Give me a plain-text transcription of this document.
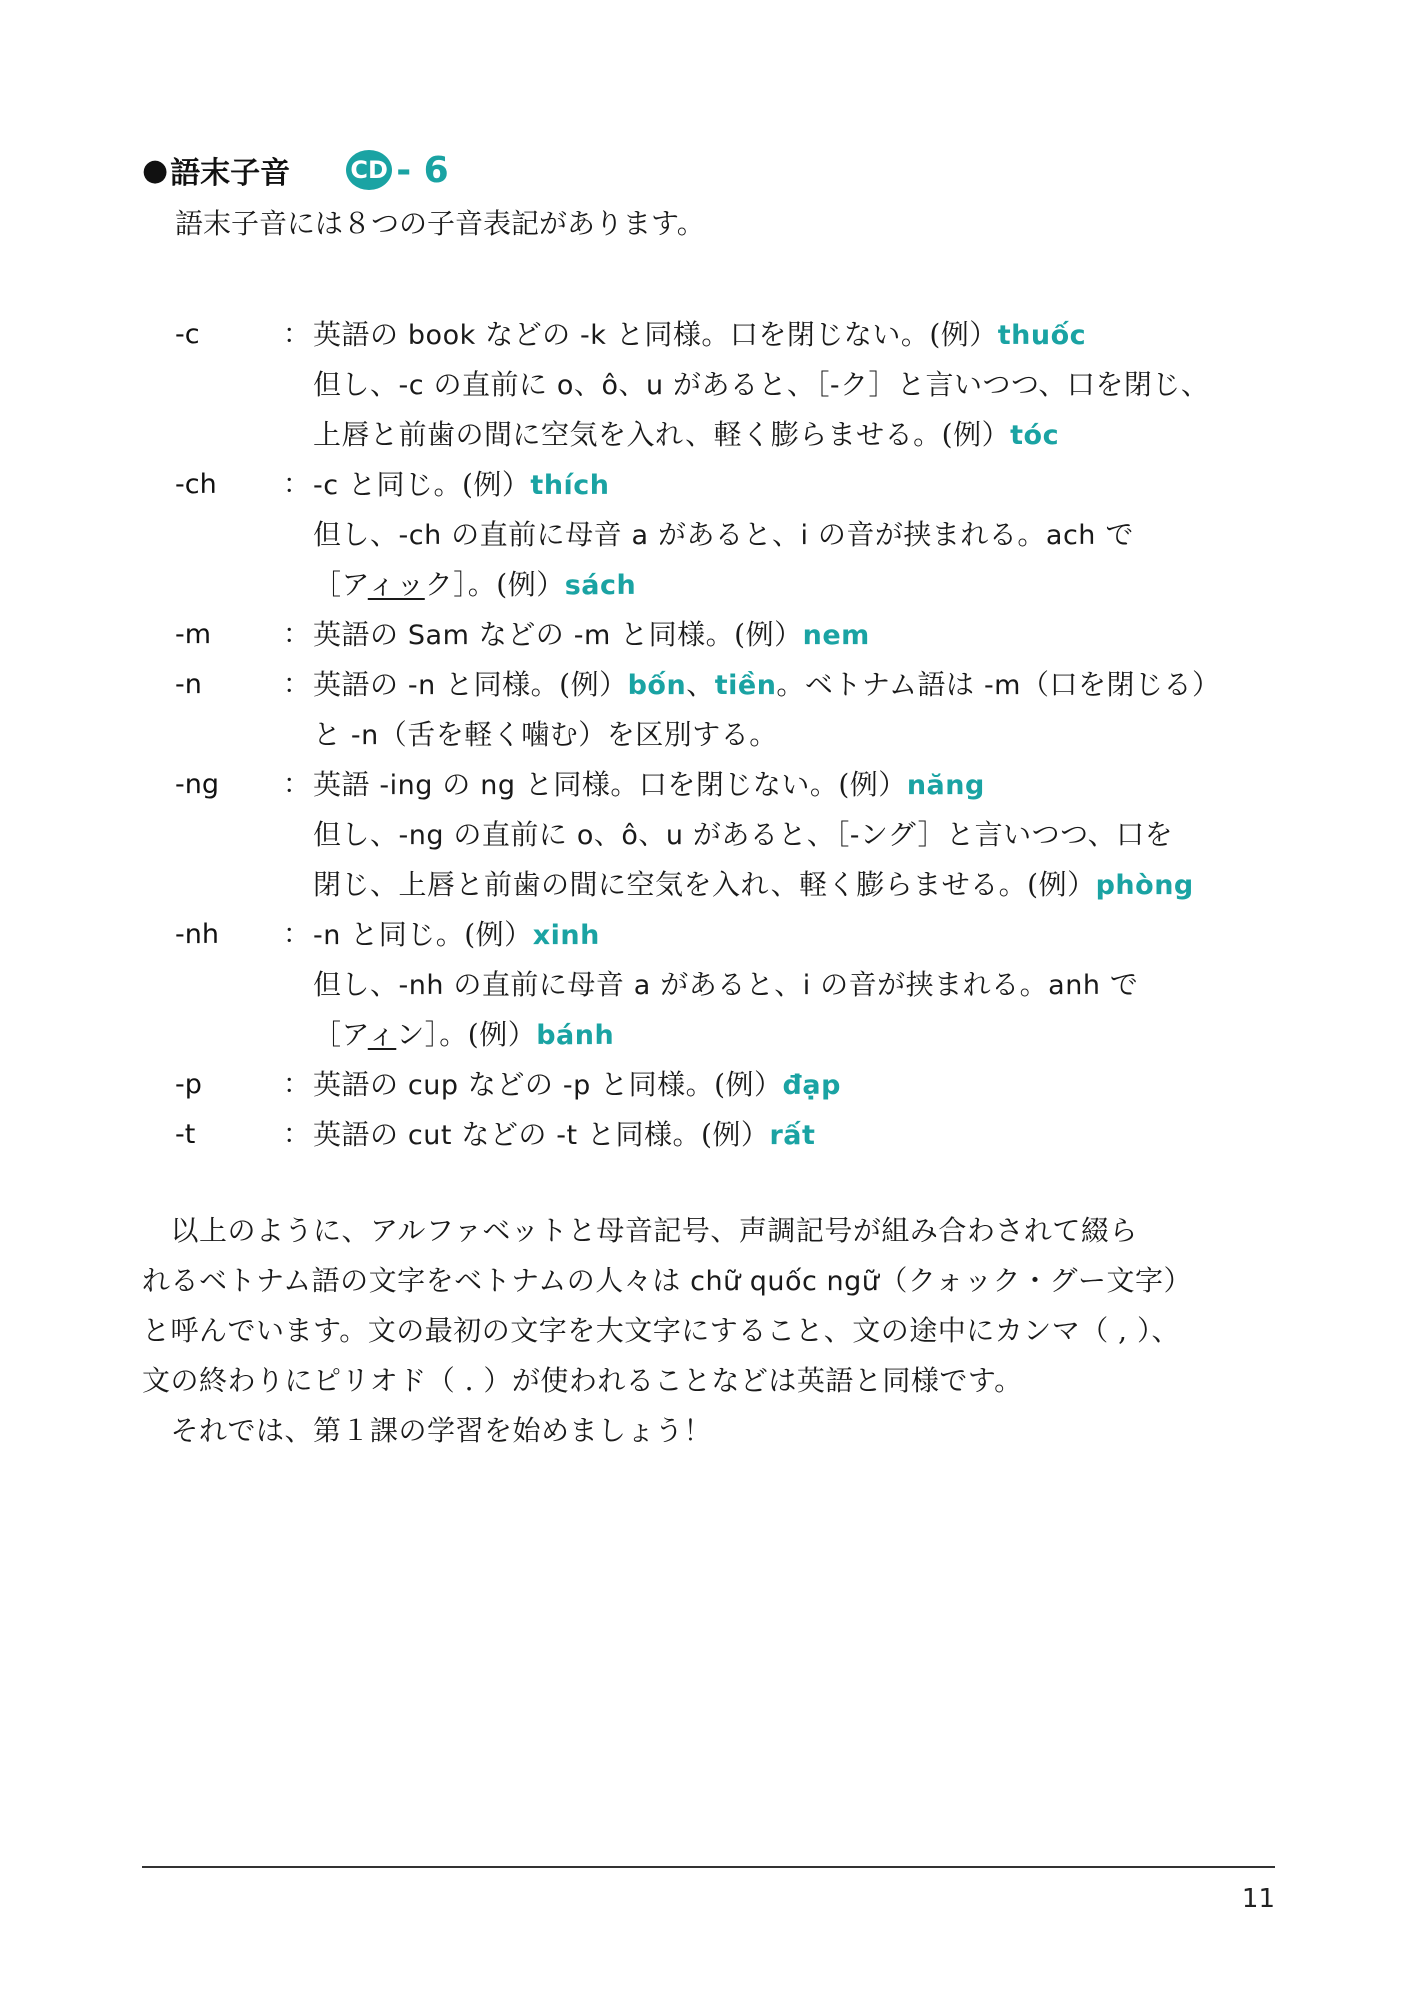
● 語末子音	CD - 6
語末子音には８つの子音表記があります。
-c	： 英語の book などの -k と同様。口を閉じない。(例）thuốc
但し、-c の直前に o、ô、u があると、［-ク］と言いつつ、口を閉じ、
上唇と前歯の間に空気を入れ、軽く膨らませる。(例）tóc
-ch ： -c と同じ。(例）thích
但し、-ch の直前に母音 a があると、i の音が挟まれる。ach で
［アィック］。(例）sách
-m	： 英語の Sam などの -m と同様。(例）nem
-n	： 英語の -n と同様。(例）bốn、tiền。ベトナム語は -m（口を閉じる）
と -n（舌を軽く噛む）を区別する。
-ng ： 英語 -ing の ng と同様。口を閉じない。(例）năng
但し、-ng の直前に o、ô、u があると、［-ング］と言いつつ、口を
閉じ、上唇と前歯の間に空気を入れ、軽く膨らませる。(例）phòng
-nh ： -n と同じ。(例）xinh
但し、-nh の直前に母音 a があると、i の音が挟まれる。anh で
［アィン］。(例）bánh
-p	： 英語の cup などの -p と同様。(例）đạp
-t	： 英語の cut などの -t と同様。(例）rất
　以上のように、アルファベットと母音記号、声調記号が組み合わされて綴ら
れるベトナム語の文字をベトナムの人々は chữ quốc ngữ（クォック・グー文字）
と呼んでいます。文の最初の文字を大文字にすること、文の途中にカンマ（ , ）、
文の終わりにピリオド（ . ）が使われることなどは英語と同様です。
　それでは、第１課の学習を始めましょう！
11
